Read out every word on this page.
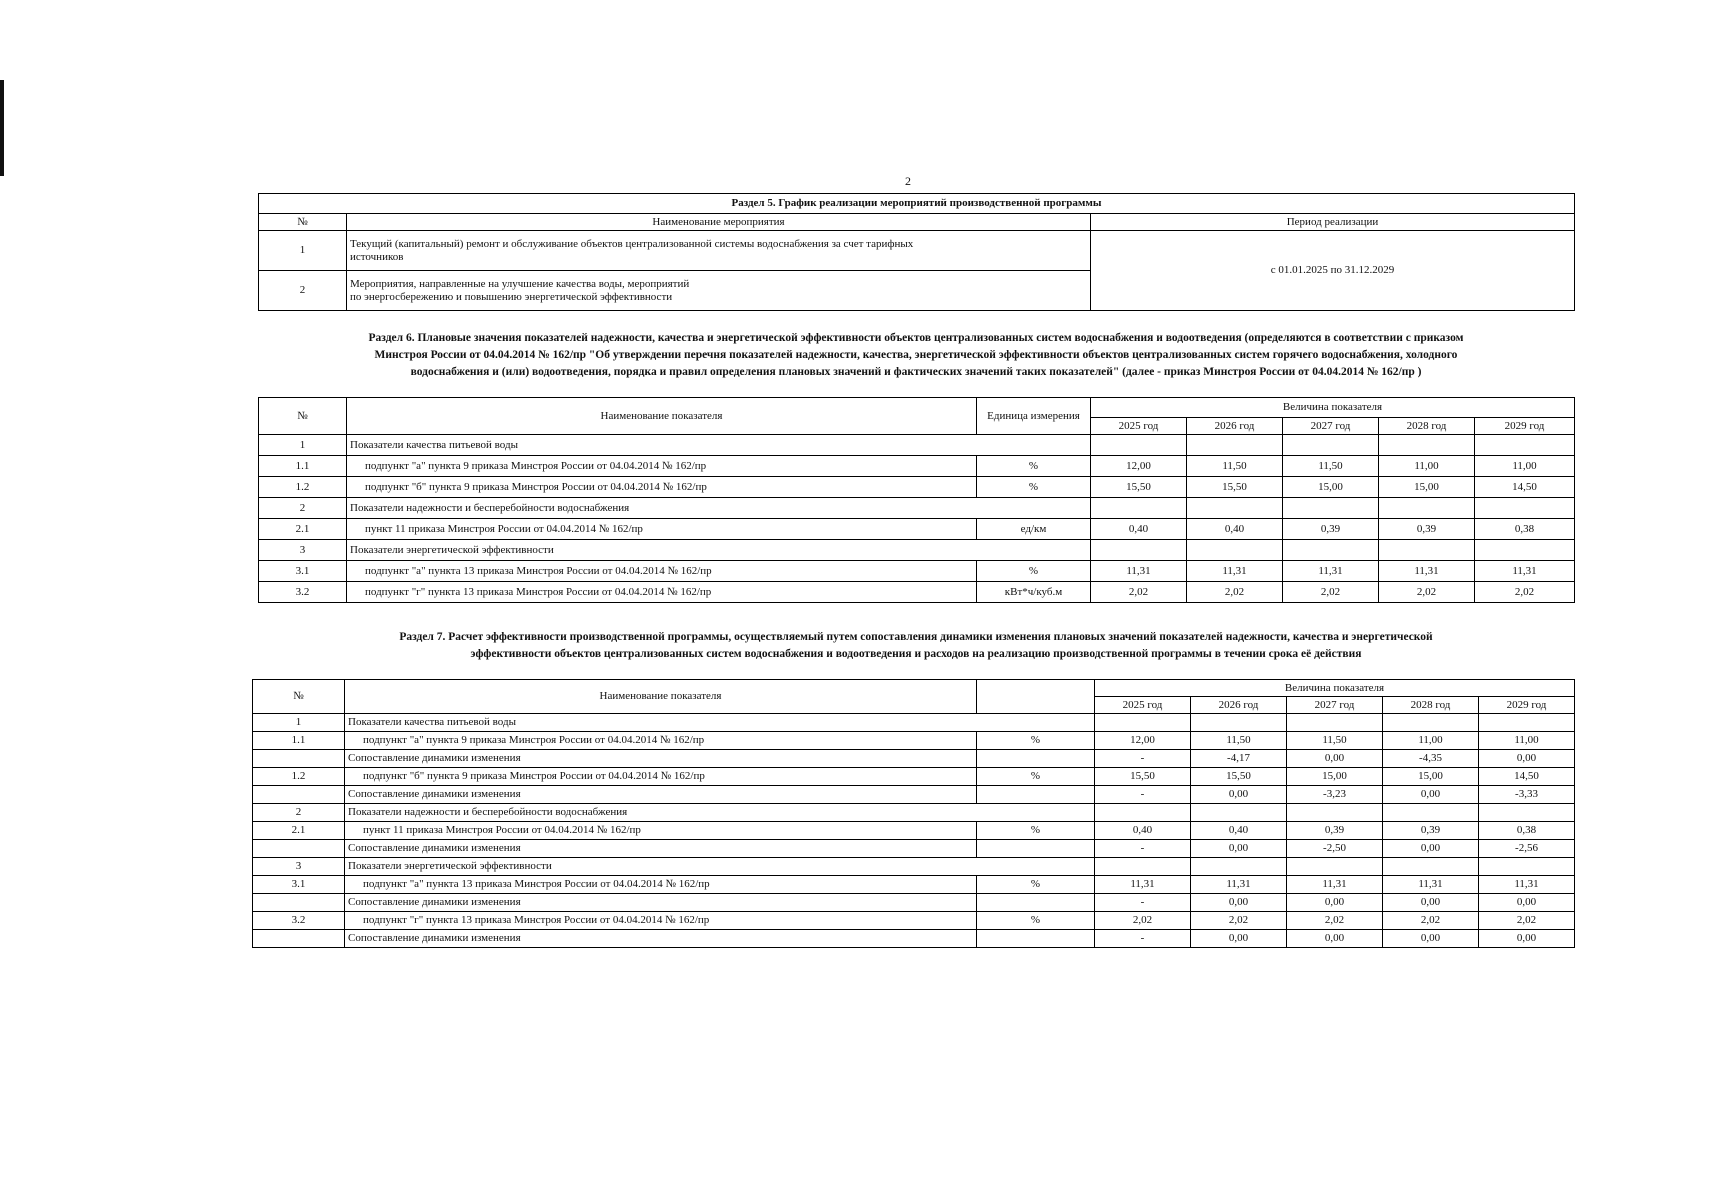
2
Раздел 5. График реализации мероприятий производственной программы		
№	Наименование мероприятия	Период реализации
1	Текущий (капитальный) ремонт и обслуживание объектов централизованной системы водоснабжения за счет тарифных
источников	с 01.01.2025 по 31.12.2029
2	Мероприятия, направленные на улучшение качества воды, мероприятий
по энергосбережению и повышению энергетической эффективности	
Раздел 6. Плановые значения показателей надежности, качества и энергетической эффективности объектов централизованных систем водоснабжения и водоотведения (определяются в соответствии с приказом
Минстроя России от 04.04.2014 № 162/пр "Об утверждении перечня показателей надежности, качества, энергетической эффективности объектов централизованных систем горячего водоснабжения, холодного
водоснабжения и (или) водоотведения, порядка и правил определения плановых значений и фактических значений таких показателей" (далее - приказ Минстроя России от 04.04.2014 № 162/пр )
№	Наименование показателя	Единица измерения	Величина показателя				
			2025 год	2026 год	2027 год	2028 год	2029 год
1	Показатели качества питьевой воды						
1.1	подпункт "а" пункта 9 приказа Минстроя России от 04.04.2014 № 162/пр	%	12,00	11,50	11,50	11,00	11,00
1.2	подпункт "б" пункта 9 приказа Минстроя России от 04.04.2014 № 162/пр	%	15,50	15,50	15,00	15,00	14,50
2	Показатели надежности и бесперебойности водоснабжения						
2.1	пункт 11 приказа Минстроя России от 04.04.2014 № 162/пр	ед/км	0,40	0,40	0,39	0,39	0,38
3	Показатели энергетической эффективности						
3.1	подпункт "а" пункта 13 приказа Минстроя России от 04.04.2014 № 162/пр	%	11,31	11,31	11,31	11,31	11,31
3.2	подпункт "г" пункта 13 приказа Минстроя России от 04.04.2014 № 162/пр	кВт*ч/куб.м	2,02	2,02	2,02	2,02	2,02
Раздел 7. Расчет эффективности производственной программы, осуществляемый путем сопоставления динамики изменения плановых значений показателей надежности, качества и энергетической
эффективности объектов централизованных систем водоснабжения и водоотведения и расходов на реализацию производственной программы в течении срока её действия
№	Наименование показателя		Величина показателя				
			2025 год	2026 год	2027 год	2028 год	2029 год
1	Показатели качества питьевой воды						
1.1	подпункт "а" пункта 9 приказа Минстроя России от 04.04.2014 № 162/пр	%	12,00	11,50	11,50	11,00	11,00
	Сопоставление динамики изменения		-	-4,17	0,00	-4,35	0,00
1.2	подпункт "б" пункта 9 приказа Минстроя России от 04.04.2014 № 162/пр	%	15,50	15,50	15,00	15,00	14,50
	Сопоставление динамики изменения		-	0,00	-3,23	0,00	-3,33
2	Показатели надежности и бесперебойности водоснабжения						
2.1	пункт 11 приказа Минстроя России от 04.04.2014 № 162/пр	%	0,40	0,40	0,39	0,39	0,38
	Сопоставление динамики изменения		-	0,00	-2,50	0,00	-2,56
3	Показатели энергетической эффективности						
3.1	подпункт "а" пункта 13 приказа Минстроя России от 04.04.2014 № 162/пр	%	11,31	11,31	11,31	11,31	11,31
	Сопоставление динамики изменения		-	0,00	0,00	0,00	0,00
3.2	подпункт "г" пункта 13 приказа Минстроя России от 04.04.2014 № 162/пр	%	2,02	2,02	2,02	2,02	2,02
	Сопоставление динамики изменения		-	0,00	0,00	0,00	0,00
